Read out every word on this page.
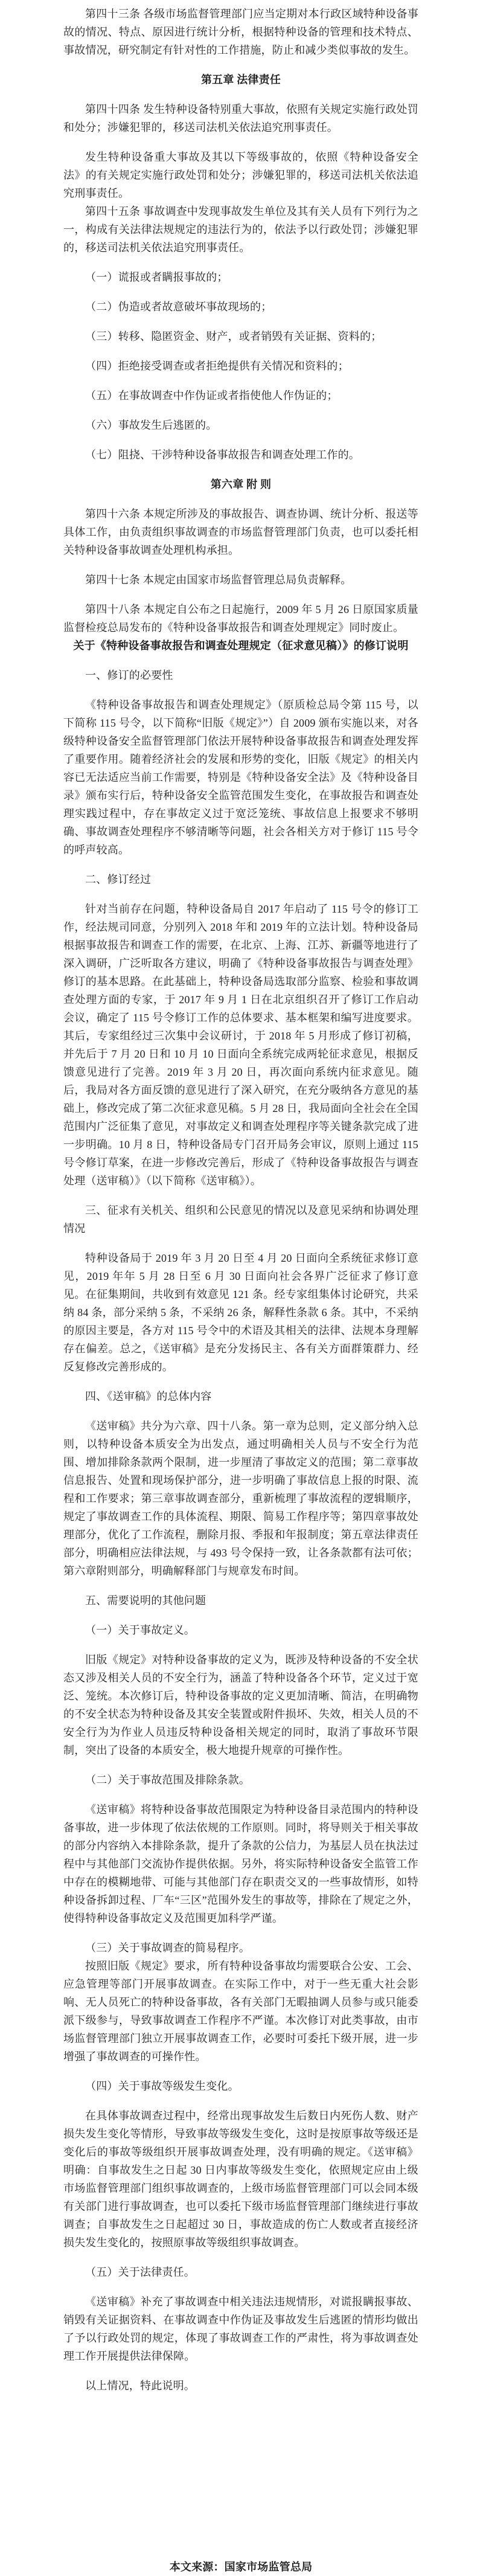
第四十三条 各级市场监督管理部门应当定期对本行政区域特种设备事故的情况、特点、原因进行统计分析，根据特种设备的管理和技术特点、事故情况，研究制定有针对性的工作措施，防止和减少类似事故的发生。
第五章 法律责任
第四十四条 发生特种设备特别重大事故，依照有关规定实施行政处罚和处分；涉嫌犯罪的，移送司法机关依法追究刑事责任。
发生特种设备重大事故及其以下等级事故的，依照《特种设备安全法》的有关规定实施行政处罚和处分；涉嫌犯罪的，移送司法机关依法追究刑事责任。
第四十五条 事故调查中发现事故发生单位及其有关人员有下列行为之一，构成有关法律法规规定的违法行为的，依法予以行政处罚；涉嫌犯罪的，移送司法机关依法追究刑事责任。
（一）谎报或者瞒报事故的；
（二）伪造或者故意破坏事故现场的；
（三）转移、隐匿资金、财产，或者销毁有关证据、资料的；
（四）拒绝接受调查或者拒绝提供有关情况和资料的；
（五）在事故调查中作伪证或者指使他人作伪证的；
（六）事故发生后逃匿的。
（七）阻挠、干涉特种设备事故报告和调查处理工作的。
第六章 附 则
第四十六条 本规定所涉及的事故报告、调查协调、统计分析、报送等具体工作，由负责组织事故调查的市场监督管理部门负责，也可以委托相关特种设备事故调查处理机构承担。
第四十七条 本规定由国家市场监督管理总局负责解释。
第四十八条 本规定自公布之日起施行，2009 年 5 月 26 日原国家质量监督检疫总局发布的《特种设备事故报告和调查处理规定》同时废止。
关于《特种设备事故报告和调查处理规定（征求意见稿）》的修订说明
一、修订的必要性
《特种设备事故报告和调查处理规定》（原质检总局令第 115 号，以下简称 115 号令，以下简称“旧版《规定》”）自 2009 颁布实施以来，对各级特种设备安全监督管理部门依法开展特种设备事故报告和调查处理发挥了重要作用。随着经济社会的发展和形势的变化，旧版《规定》的相关内容已无法适应当前工作需要，特别是《特种设备安全法》及《特种设备目录》颁布实行后，特种设备安全监管范围发生变化，在事故报告和调查处理实践过程中，存在事故定义过于宽泛笼统、事故信息上报要求不够明确、事故调查处理程序不够清晰等问题，社会各相关方对于修订 115 号令的呼声较高。
二、修订经过
针对当前存在问题，特种设备局自 2017 年启动了 115 号令的修订工作，经法规司同意，分别列入 2018 年和 2019 年的立法计划。特种设备局根据事故报告和调查工作的需要，在北京、上海、江苏、新疆等地进行了深入调研，广泛听取各方建议，明确了《特种设备事故报告与调查处理》修订的基本思路。在此基础上，特种设备局选取部分监察、检验和事故调查处理方面的专家，于 2017 年 9 月 1 日在北京组织召开了修订工作启动会议，确定了 115 号令修订工作的总体要求、基本框架和编写进度要求。其后，专家组经过三次集中会议研讨，于 2018 年 5 月形成了修订初稿，并先后于 7 月 20 日和 10 月 10 日面向全系统完成两轮征求意见，根据反馈意见进行了完善。2019 年 3 月 20 日，再次面向系统内征求意见。随后，我局对各方面反馈的意见进行了深入研究，在充分吸纳各方意见的基础上，修改完成了第二次征求意见稿。5 月 28 日，我局面向全社会在全国范围内广泛征集了意见，对事故定义和调查处理程序等关键条款完成了进一步明确。10 月 8 日，特种设备局专门召开局务会审议，原则上通过 115 号令修订草案，在进一步修改完善后，形成了《特种设备事故报告与调查处理（送审稿）》（以下简称《送审稿》）。
三、征求有关机关、组织和公民意见的情况以及意见采纳和协调处理情况
特种设备局于 2019 年 3 月 20 日至 4 月 20 日面向全系统征求修订意见，2019 年年 5 月 28 日至 6 月 30 日面向社会各界广泛征求了修订意见。在征集期间，共收到有效意见 121 条。经专家组集体讨论研究，共采纳 84 条，部分采纳 5 条，不采纳 26 条，解释性条款 6 条。其中，不采纳的原因主要是，各方对 115 号令中的术语及其相关的法律、法规本身理解存在偏差。总之，《送审稿》是充分发扬民主、各有关方面群策群力、经反复修改完善形成的。
四、《送审稿》的总体内容
《送审稿》共分为六章、四十八条。第一章为总则，定义部分纳入总则，以特种设备本质安全为出发点，通过明确相关人员与不安全行为范围、增加排除条款两个限制，进一步厘清了事故定义的范围；第二章事故信息报告、处置和现场保护部分，进一步明确了事故信息上报的时限、流程和工作要求；第三章事故调查部分，重新梳理了事故流程的逻辑顺序，规定了事故调查工作的具体流程、期限、简易工作程序等；第四章事故处理部分，优化了工作流程，删除月报、季报和年报制度；第五章法律责任部分，明确相应法律法规，与 493 号令保持一致，让各条款都有法可依；第六章附则部分，明确解释部门与规章发布时间。
五、需要说明的其他问题
（一）关于事故定义。
旧版《规定》对特种设备事故的定义为，既涉及特种设备的不安全状态又涉及相关人员的不安全行为，涵盖了特种设备各个环节，定义过于宽泛、笼统。本次修订后，特种设备事故的定义更加清晰、简洁，在明确物的不安全状态为特种设备及其安全装置或附件损坏、失效，相关人员的不安全行为为作业人员违反特种设备相关规定的同时，取消了事故环节限制，突出了设备的本质安全，极大地提升规章的可操作性。
（二）关于事故范围及排除条款。
《送审稿》将特种设备事故范围限定为特种设备目录范围内的特种设备事故，进一步体现了依法依规的工作原则。同时，将导则关于相关事故的部分内容纳入本排除条款，提升了条款的公信力，为基层人员在执法过程中与其他部门交流协作提供依据。另外，将实际特种设备安全监管工作中存在的模糊地带、可能与其他部门存在职责交叉的一些事故情形，如特种设备拆卸过程、厂车“三区”范围外发生的事故等，排除在了规定之外，使得特种设备事故定义及范围更加科学严谨。
（三）关于事故调查的简易程序。
按照旧版《规定》要求，所有特种设备事故均需要联合公安、工会、应急管理等部门开展事故调查。在实际工作中，对于一些无重大社会影响、无人员死亡的特种设备事故，各有关部门无暇抽调人员参与或只能委派下级参与，导致事故调查工作程序不严谨。本次修订对此类事故，由市场监督管理部门独立开展事故调查工作，必要时可委托下级开展，进一步增强了事故调查的可操作性。
（四）关于事故等级发生变化。
在具体事故调查过程中，经常出现事故发生后数日内死伤人数、财产损失发生变化等情形，导致事故等级发生变化，这时是按原事故等级还是变化后的事故等级组织开展事故调查处理，没有明确的规定。《送审稿》明确：自事故发生之日起 30 日内事故等级发生变化，依照规定应由上级市场监督管理部门组织事故调查的，上级市场监督管理部门可以会同本级有关部门进行事故调查，也可以委托下级市场监督管理部门继续进行事故调查；自事故发生之日起超过 30 日，事故造成的伤亡人数或者直接经济损失发生变化的，按照原事故等级组织事故调查。
（五）关于法律责任。
《送审稿》补充了事故调查中相关违法违规情形，对谎报瞒报事故、销毁有关证据资料、在事故调查中作伪证及事故发生后逃匿的情形均做出了予以行政处罚的规定，体现了事故调查工作的严肃性，将为事故调查处理工作开展提供法律保障。
以上情况，特此说明。
本文来源：国家市场监管总局
